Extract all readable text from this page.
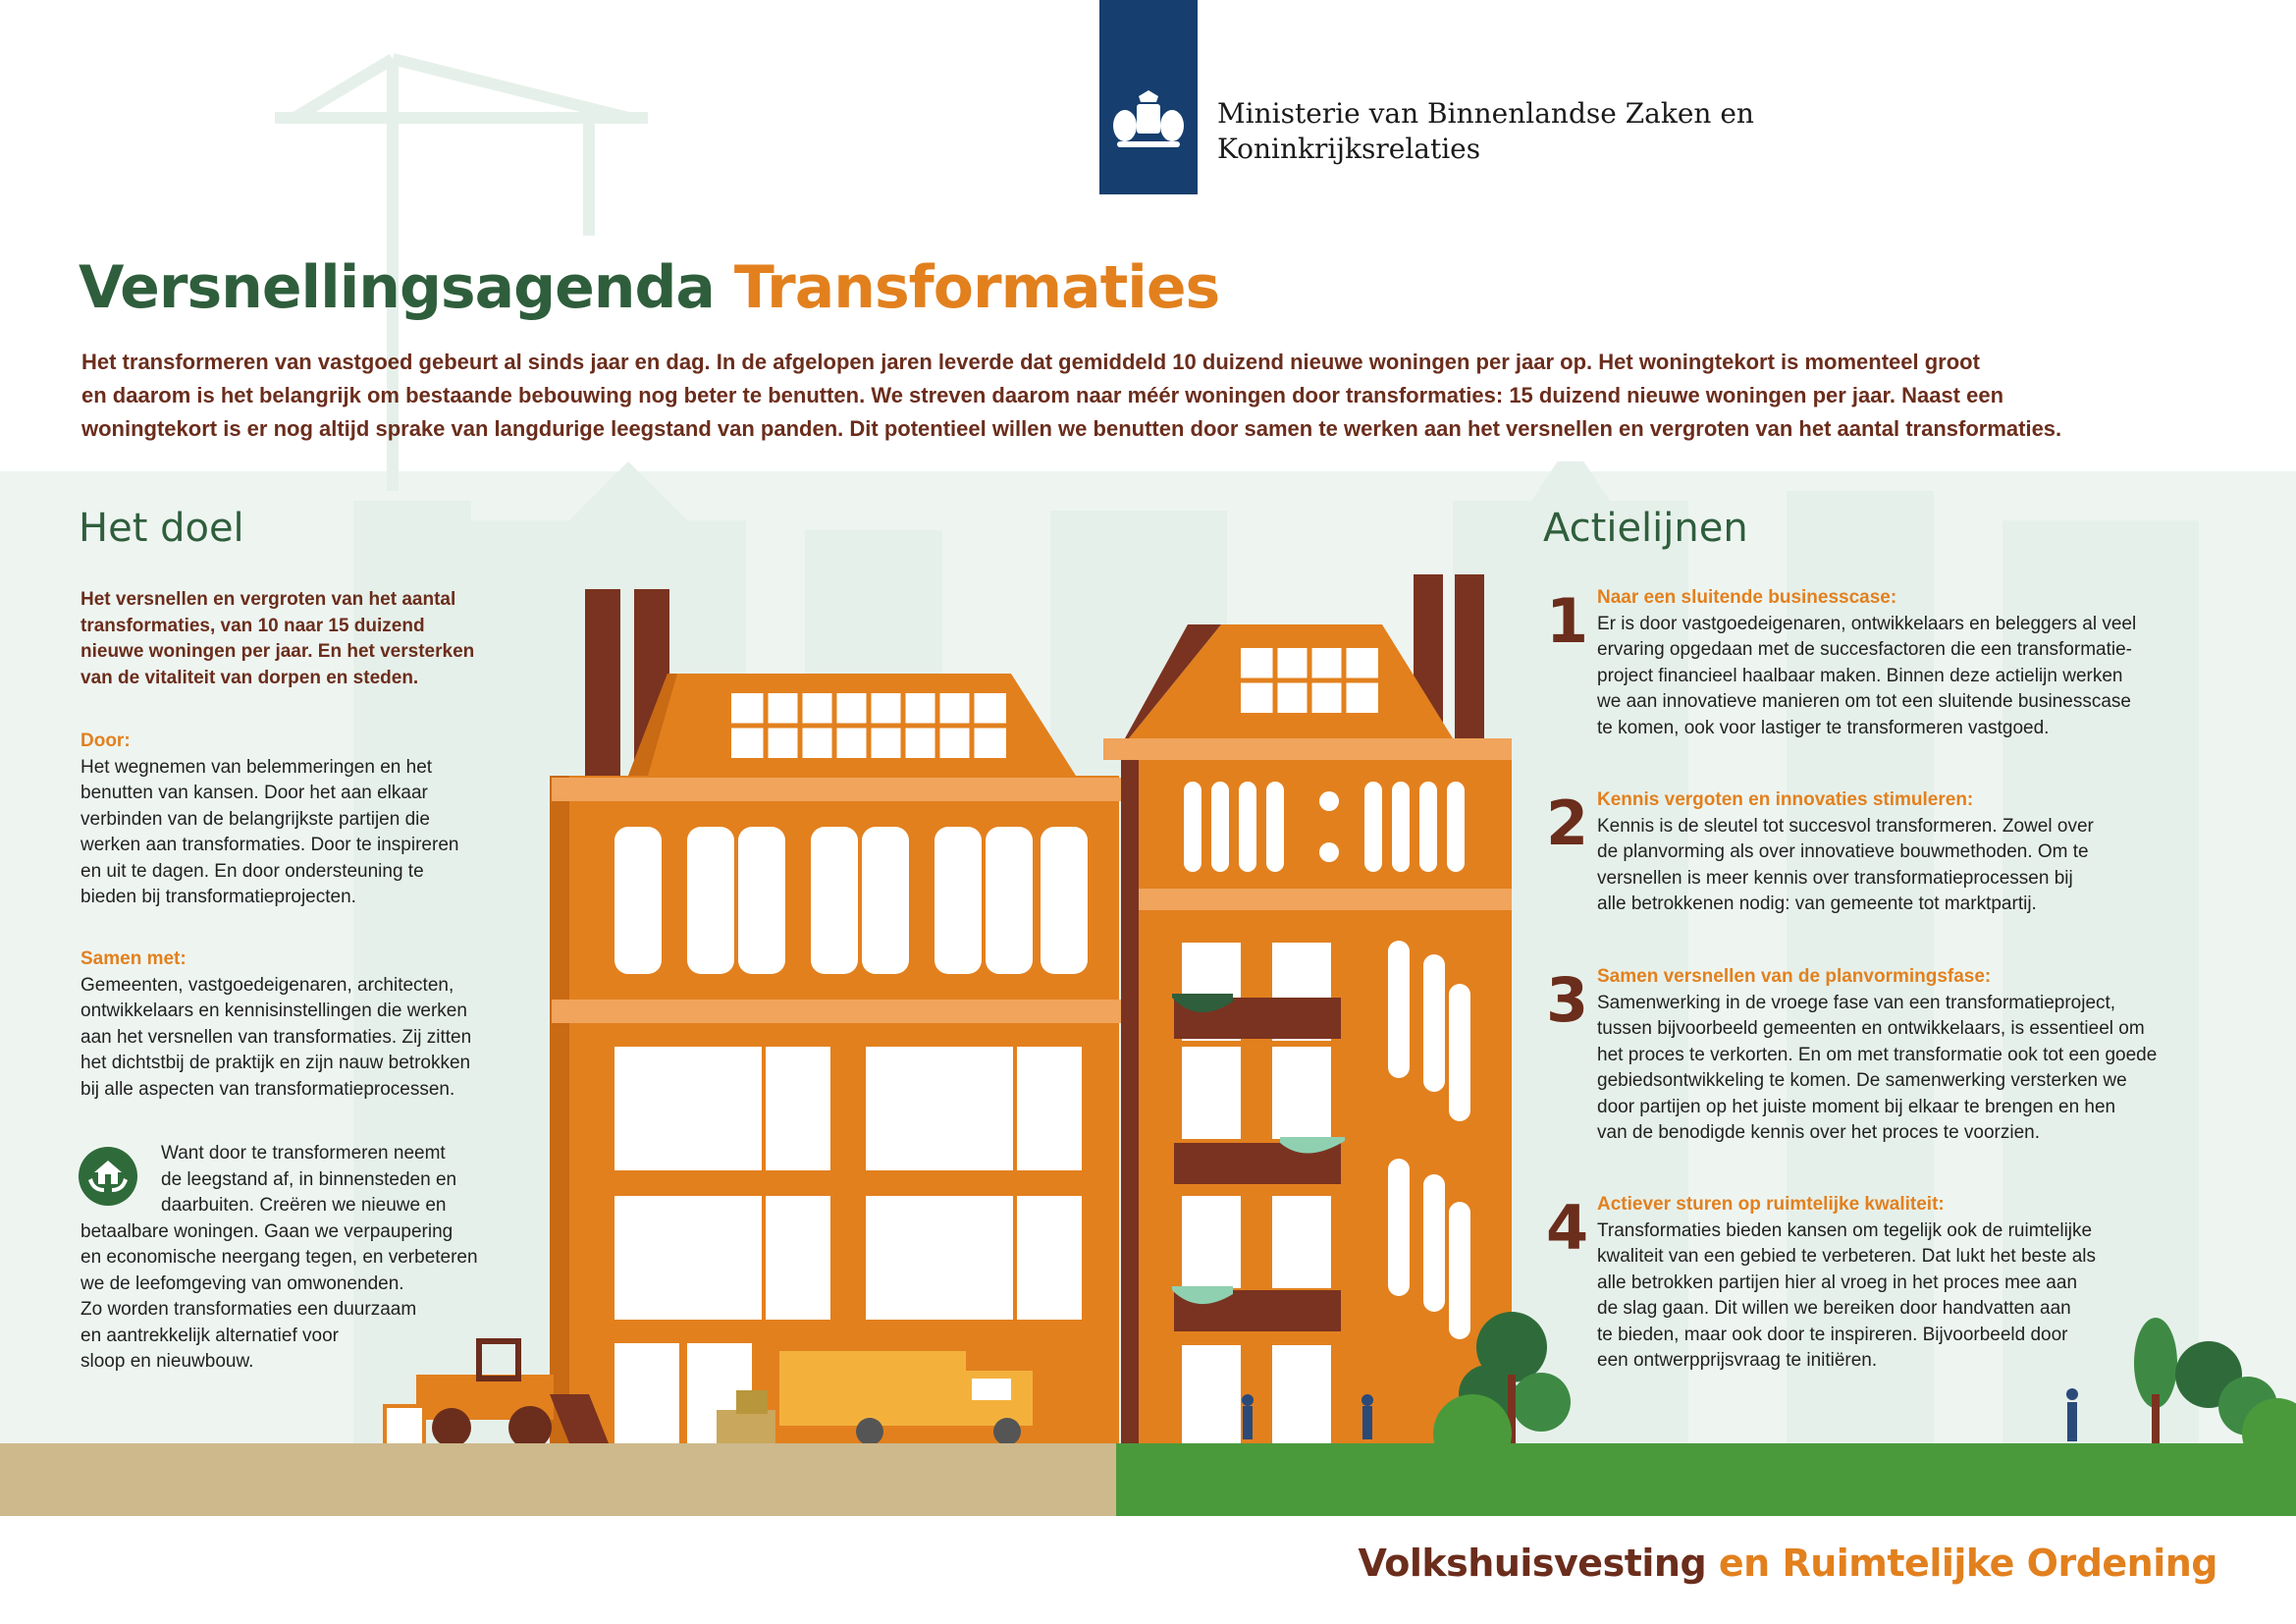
Ministerie van Binnenlandse Zaken en
Koninkrijksrelaties
Versnellingsagenda Transformaties
Het transformeren van vastgoed gebeurt al sinds jaar en dag. In de afgelopen jaren leverde dat gemiddeld 10 duizend nieuwe woningen per jaar op. Het woningtekort is momenteel groot
en daarom is het belangrijk om bestaande bebouwing nog beter te benutten. We streven daarom naar méér woningen door transformaties: 15 duizend nieuwe woningen per jaar. Naast een
woningtekort is er nog altijd sprake van langdurige leegstand van panden. Dit potentieel willen we benutten door samen te werken aan het versnellen en vergroten van het aantal transformaties.
Het doel	Actielijnen
Het versnellen en vergroten van het aantal
transformaties, van 10 naar 15 duizend
nieuwe woningen per jaar. En het versterken
van de vitaliteit van dorpen en steden.
Door:
Het wegnemen van belemmeringen en het
benutten van kansen. Door het aan elkaar
verbinden van de belangrijkste partijen die
werken aan transformaties. Door te inspireren
en uit te dagen. En door ondersteuning te
bieden bij transformatieprojecten.
Samen met:
Gemeenten, vastgoedeigenaren, architecten,
ontwikkelaars en kennisinstellingen die werken
aan het versnellen van transformaties. Zij zitten
het dichtstbij de praktijk en zijn nauw betrokken
bij alle aspecten van transformatieprocessen.
Want door te transformeren neemt
de leegstand af, in binnensteden en
daarbuiten. Creëren we nieuwe en
betaalbare woningen. Gaan we verpaupering
en economische neergang tegen, en verbeteren
we de leefomgeving van omwonenden.
Zo worden transformaties een duurzaam
en aantrekkelijk alternatief voor
sloop en nieuwbouw.
1 Naar een sluitende businesscase:
Er is door vastgoedeigenaren, ontwikkelaars en beleggers al veel
ervaring opgedaan met de succesfactoren die een transformatie-
project financieel haalbaar maken. Binnen deze actielijn werken
we aan innovatieve manieren om tot een sluitende businesscase
te komen, ook voor lastiger te transformeren vastgoed.
2 Kennis vergoten en innovaties stimuleren:
Kennis is de sleutel tot succesvol transformeren. Zowel over
de planvorming als over innovatieve bouwmethoden. Om te
versnellen is meer kennis over transformatieprocessen bij
alle betrokkenen nodig: van gemeente tot marktpartij.
3 Samen versnellen van de planvormingsfase:
Samenwerking in de vroege fase van een transformatieproject,
tussen bijvoorbeeld gemeenten en ontwikkelaars, is essentieel om
het proces te verkorten. En om met transformatie ook tot een goede
gebiedsontwikkeling te komen. De samenwerking versterken we
door partijen op het juiste moment bij elkaar te brengen en hen
van de benodigde kennis over het proces te voorzien.
4 Actiever sturen op ruimtelijke kwaliteit:
Transformaties bieden kansen om tegelijk ook de ruimtelijke
kwaliteit van een gebied te verbeteren. Dat lukt het beste als
alle betrokken partijen hier al vroeg in het proces mee aan
de slag gaan. Dit willen we bereiken door handvatten aan
te bieden, maar ook door te inspireren. Bijvoorbeeld door
een ontwerpprijsvraag te initiëren.
Volkshuisvesting en Ruimtelijke Ordening
